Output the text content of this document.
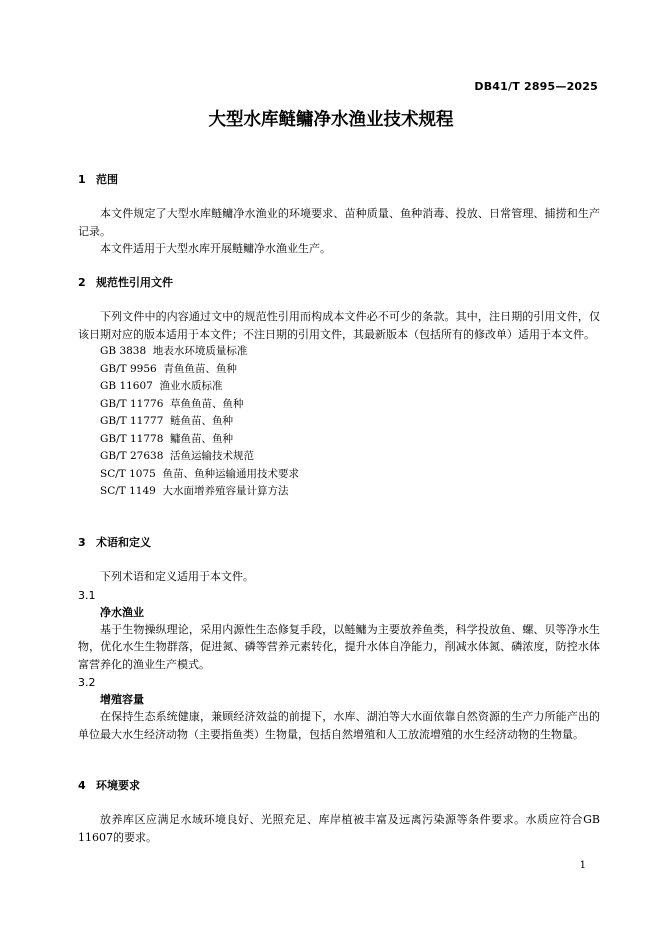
DB41/T 2895—2025
大型水库鲢鳙净水渔业技术规程
1 范围
本文件规定了大型水库鲢鳙净水渔业的环境要求、苗种质量、鱼种消毒、投放、日常管理、捕捞和生产记录。
本文件适用于大型水库开展鲢鳙净水渔业生产。
2 规范性引用文件
下列文件中的内容通过文中的规范性引用而构成本文件必不可少的条款。其中，注日期的引用文件，仅该日期对应的版本适用于本文件；不注日期的引用文件，其最新版本（包括所有的修改单）适用于本文件。
GB 3838  地表水环境质量标准
GB/T 9956  青鱼鱼苗、鱼种
GB 11607  渔业水质标准
GB/T 11776  草鱼鱼苗、鱼种
GB/T 11777  鲢鱼苗、鱼种
GB/T 11778  鳙鱼苗、鱼种
GB/T 27638  活鱼运输技术规范
SC/T 1075  鱼苗、鱼种运输通用技术要求
SC/T 1149  大水面增养殖容量计算方法
3 术语和定义
下列术语和定义适用于本文件。
3.1
净水渔业
基于生物操纵理论，采用内源性生态修复手段，以鲢鳙为主要放养鱼类，科学投放鱼、螺、贝等净水生物，优化水生生物群落，促进氮、磷等营养元素转化，提升水体自净能力，削减水体氮、磷浓度，防控水体富营养化的渔业生产模式。
3.2
增殖容量
在保持生态系统健康，兼顾经济效益的前提下，水库、湖泊等大水面依靠自然资源的生产力所能产出的单位最大水生经济动物（主要指鱼类）生物量，包括自然增殖和人工放流增殖的水生经济动物的生物量。
4 环境要求
放养库区应满足水域环境良好、光照充足、库岸植被丰富及远离污染源等条件要求。水质应符合GB 11607的要求。
1
